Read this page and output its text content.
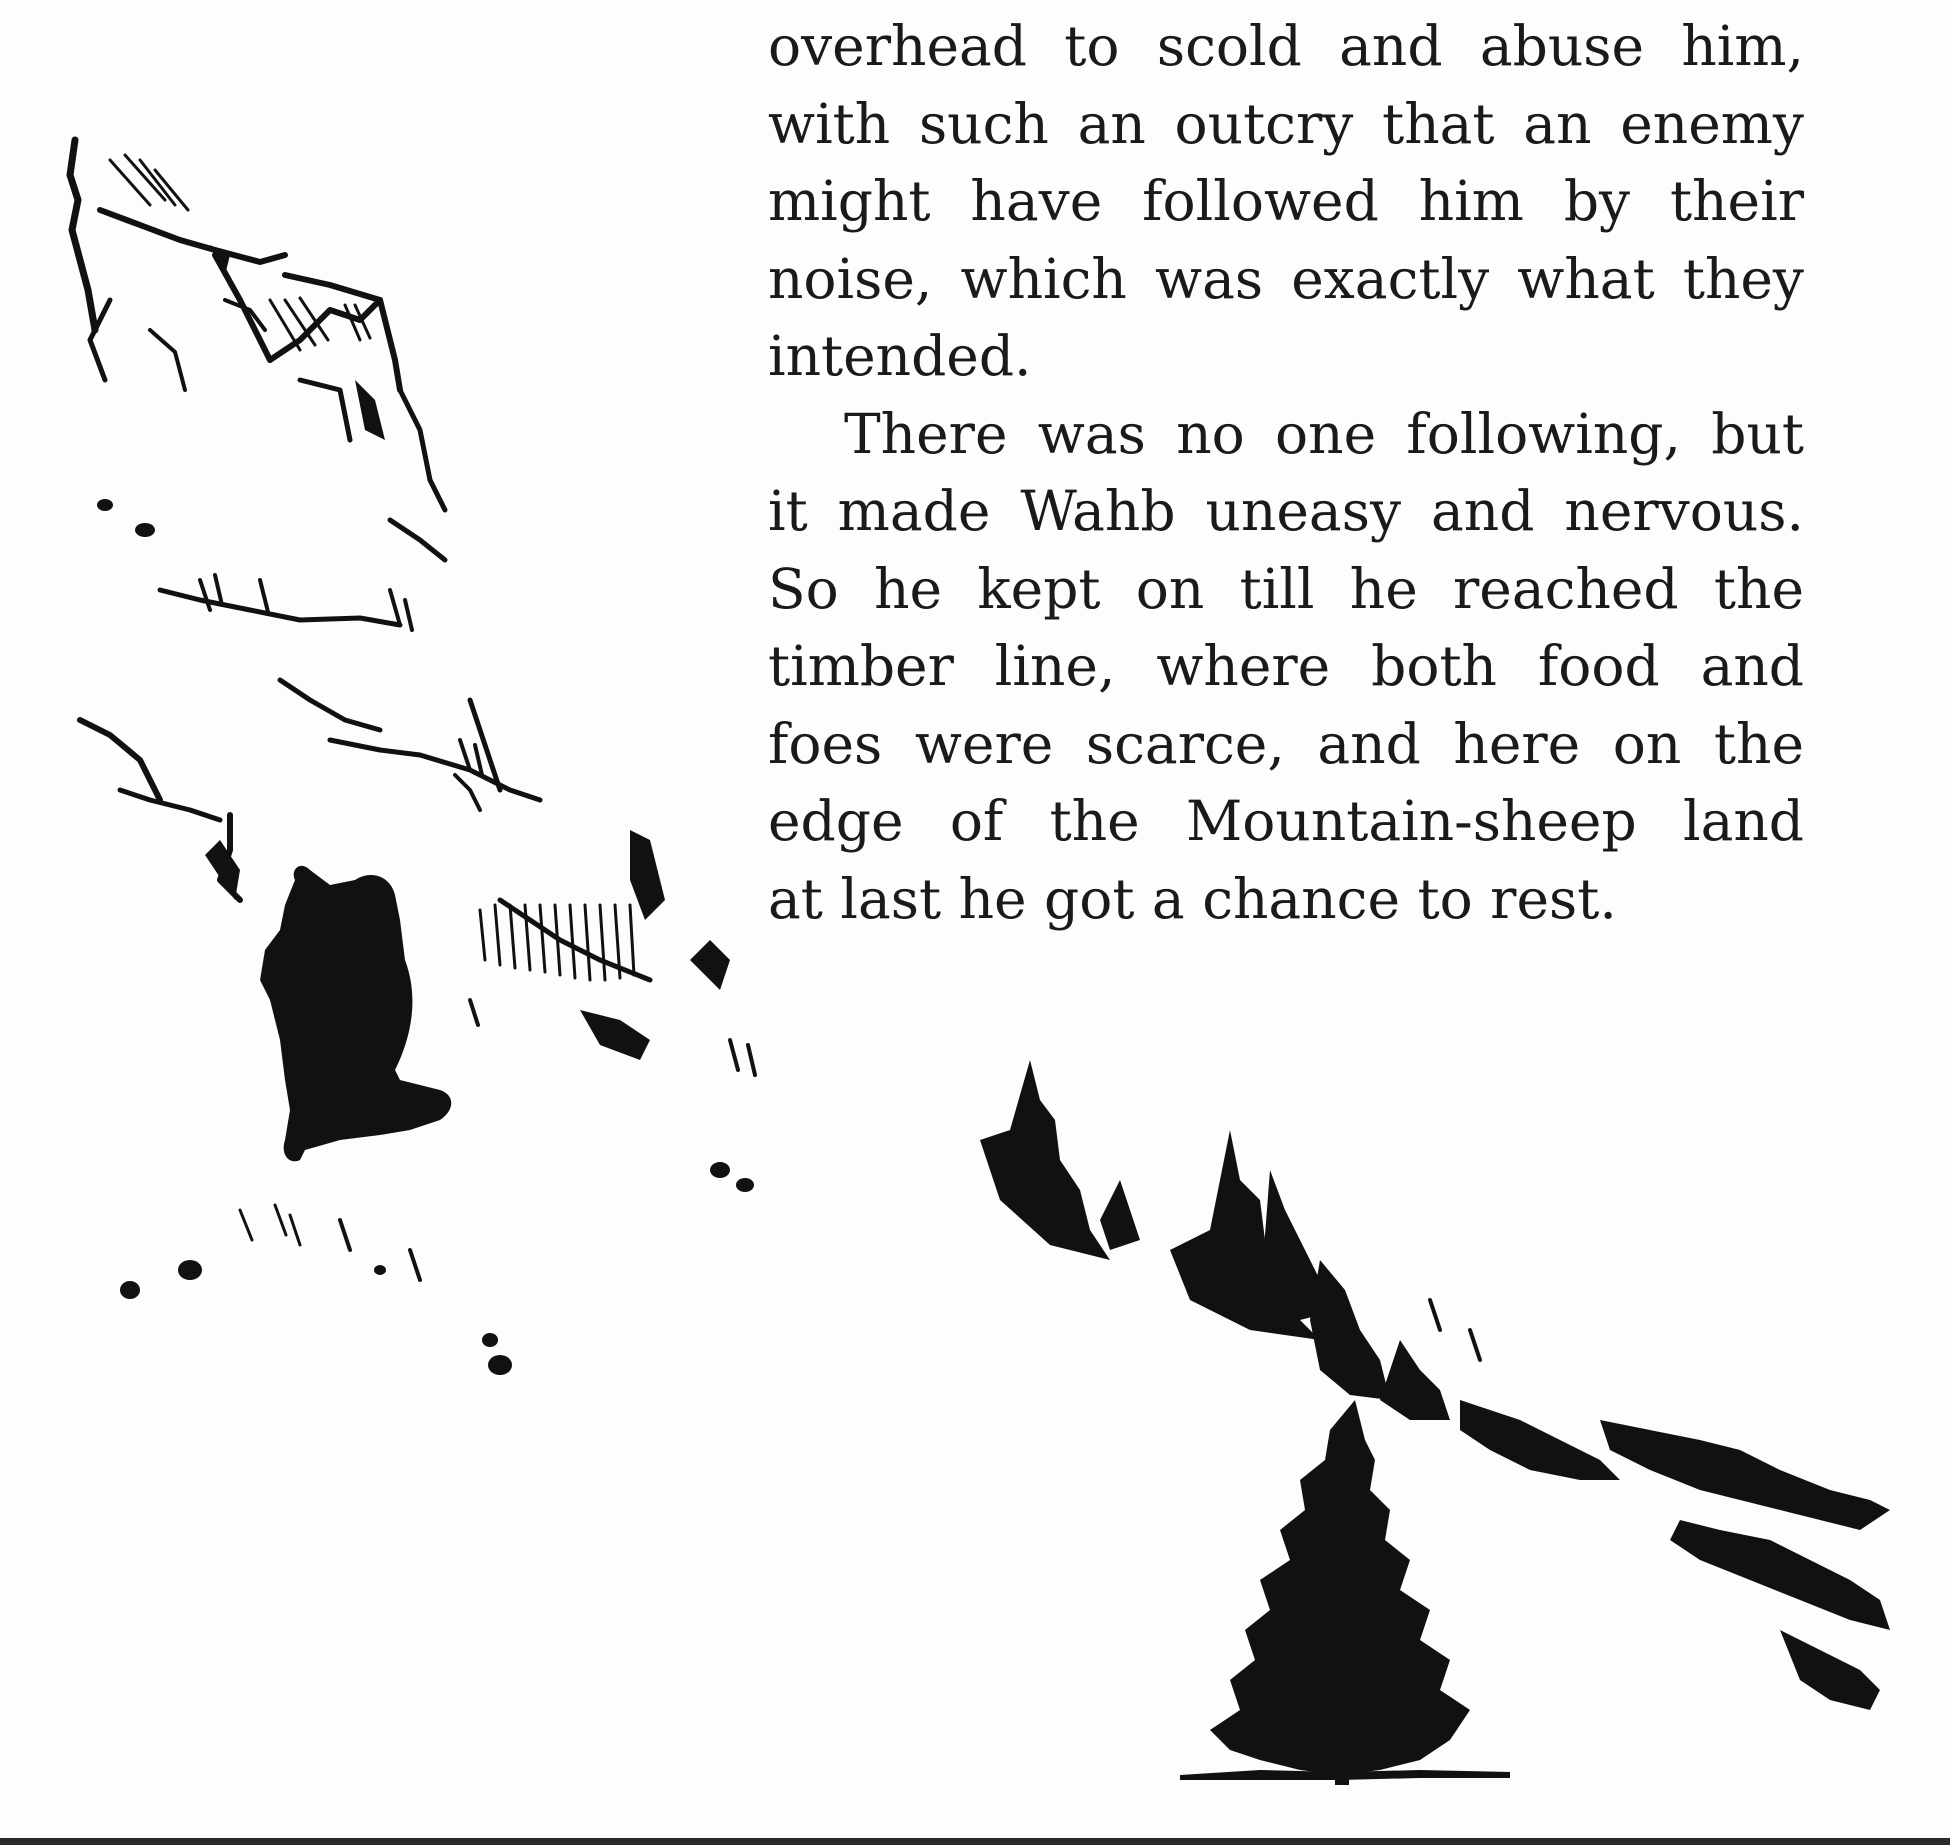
overhead to scold and abuse him,
with such an outcry that an enemy
might have followed him by their
noise, which was exactly what they
intended.
There was no one following, but
it made Wahb uneasy and nervous.
So he kept on till he reached the
timber line, where both food and
foes were scarce, and here on the
edge of the Mountain-sheep land
at last he got a chance to rest.
